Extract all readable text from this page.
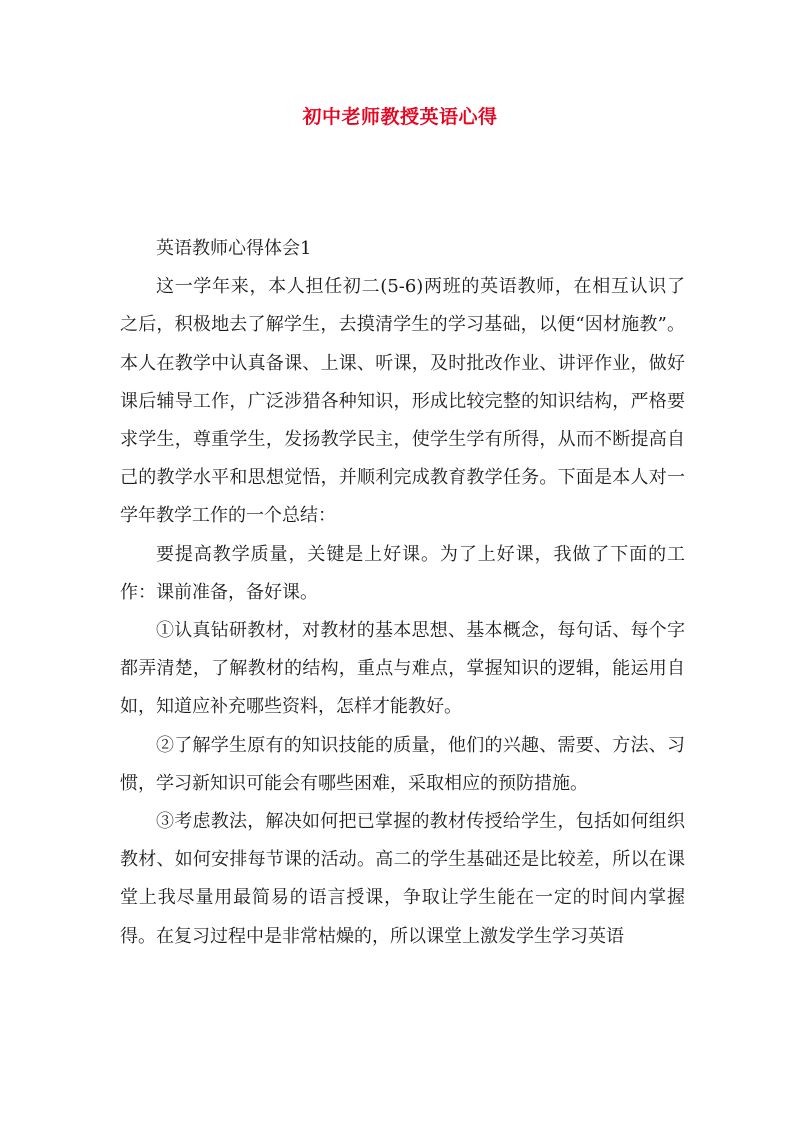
初中老师教授英语心得

英语教师心得体会1

这一学年来，本人担任初二(5-6)两班的英语教师，在相互认识了之后，积极地去了解学生，去摸清学生的学习基础，以便“因材施教”。本人在教学中认真备课、上课、听课，及时批改作业、讲评作业，做好课后辅导工作，广泛涉猎各种知识，形成比较完整的知识结构，严格要求学生，尊重学生，发扬教学民主，使学生学有所得，从而不断提高自己的教学水平和思想觉悟，并顺利完成教育教学任务。下面是本人对一学年教学工作的一个总结：

要提高教学质量，关键是上好课。为了上好课，我做了下面的工作：课前准备，备好课。

①认真钻研教材，对教材的基本思想、基本概念，每句话、每个字都弄清楚，了解教材的结构，重点与难点，掌握知识的逻辑，能运用自如，知道应补充哪些资料，怎样才能教好。

②了解学生原有的知识技能的质量，他们的兴趣、需要、方法、习惯，学习新知识可能会有哪些困难，采取相应的预防措施。

③考虑教法，解决如何把已掌握的教材传授给学生，包括如何组织教材、如何安排每节课的活动。高二的学生基础还是比较差，所以在课堂上我尽量用最简易的语言授课，争取让学生能在一定的时间内掌握得。在复习过程中是非常枯燥的，所以课堂上激发学生学习英语
